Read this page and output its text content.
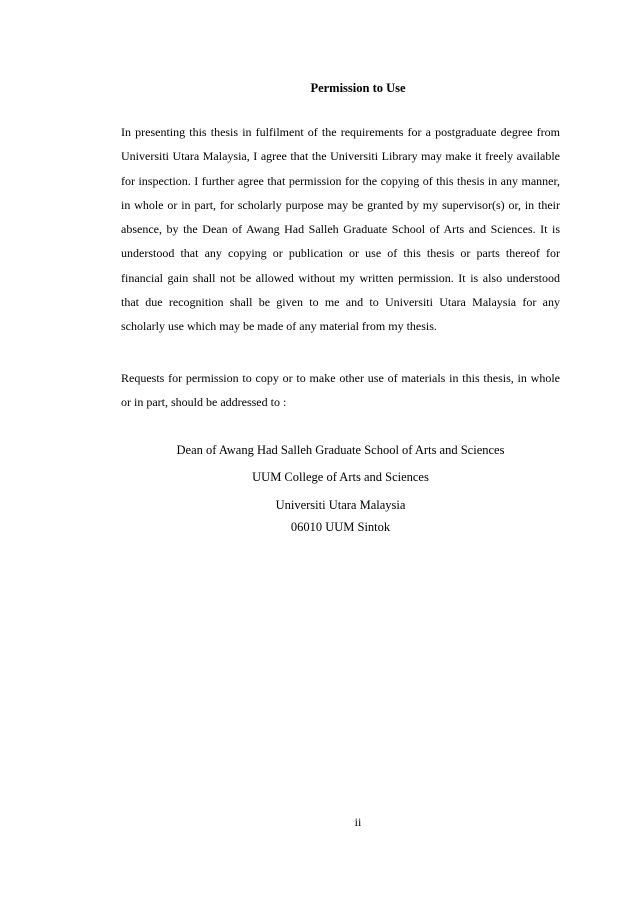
Permission to Use

In presenting this thesis in fulfilment of the requirements for a postgraduate degree from Universiti Utara Malaysia, I agree that the Universiti Library may make it freely available for inspection. I further agree that permission for the copying of this thesis in any manner, in whole or in part, for scholarly purpose may be granted by my supervisor(s) or, in their absence, by the Dean of Awang Had Salleh Graduate School of Arts and Sciences. It is understood that any copying or publication or use of this thesis or parts thereof for financial gain shall not be allowed without my written permission. It is also understood that due recognition shall be given to me and to Universiti Utara Malaysia for any scholarly use which may be made of any material from my thesis.

Requests for permission to copy or to make other use of materials in this thesis, in whole or in part, should be addressed to :

Dean of Awang Had Salleh Graduate School of Arts and Sciences
UUM College of Arts and Sciences
Universiti Utara Malaysia
06010 UUM Sintok
ii
